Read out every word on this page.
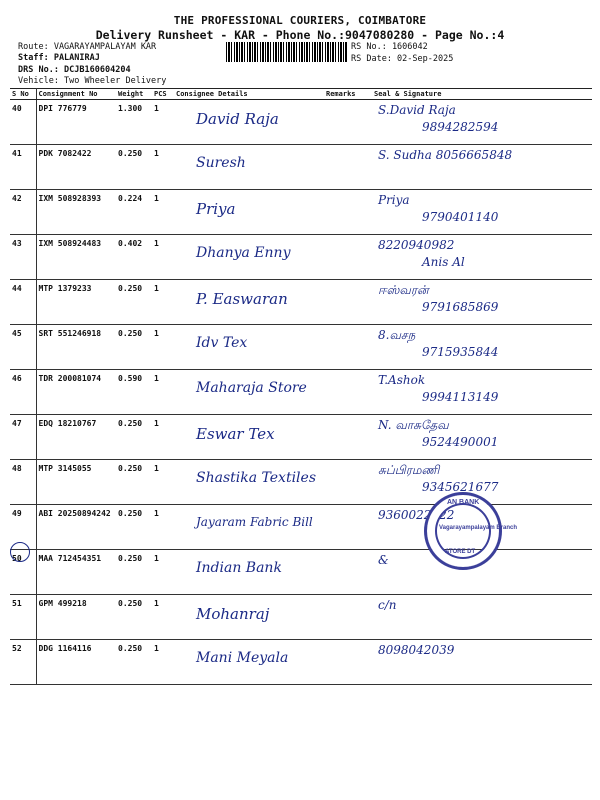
THE PROFESSIONAL COURIERS, COIMBATORE
Delivery Runsheet - KAR - Phone No.:9047080280 - Page No.:4
Route: VAGARAYAMPALAYAM KAR
Staff: PALANIRAJ
DRS No.: DCJB160604204
Vehicle: Two Wheeler Delivery
RS No.: 1606042
RS Date: 02-Sep-2025
S No	Consignment No	Weight	PCS	Consignee Details	Remarks	Seal & Signature
40	DPI 776779	1.300	1	David Raja		S.David Raja
9894282594

41	PDK 7082422	0.250	1	Suresh		S. Sudha 8056665848

42	IXM 508928393	0.224	1	Priya		Priya
9790401140

43	IXM 508924483	0.402	1	Dhanya Enny		8220940982
Anis Al

44	MTP 1379233	0.250	1	P. Easwaran		ஈஸ்வரன்
9791685869

45	SRT 551246918	0.250	1	Idv Tex		8.வசந
9715935844

46	TDR 200081074	0.590	1	Maharaja Store		T.Ashok
9994113149

47	EDQ 18210767	0.250	1	Eswar Tex		N. வாசுதேவ
9524490001

48	MTP 3145055	0.250	1	Shastika Textiles		சுப்பிரமணி
9345621677

49	ABI 20250894242	0.250	1	Jayaram Fabric Bill		9360022222

50	MAA 712454351	0.250	1	Indian Bank		&

51	GPM 499218	0.250	1	Mohanraj		c/n

52	DDG 1164116	0.250	1	Mani Meyala		8098042039
AN BANK
Vagarayampalayam Branch
ATORE DT
